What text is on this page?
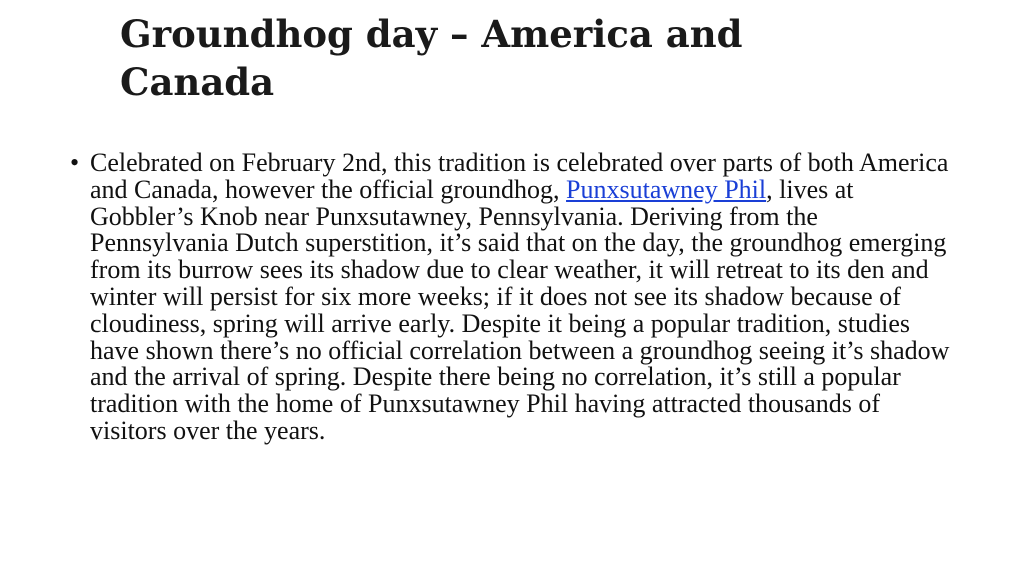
Groundhog day – America and Canada
• Celebrated on February 2nd, this tradition is celebrated over parts of both America and Canada, however the official groundhog, Punxsutawney Phil, lives at Gobbler’s Knob near Punxsutawney, Pennsylvania. Deriving from the Pennsylvania Dutch superstition, it’s said that on the day, the groundhog emerging from its burrow sees its shadow due to clear weather, it will retreat to its den and winter will persist for six more weeks; if it does not see its shadow because of cloudiness, spring will arrive early. Despite it being a popular tradition, studies have shown there’s no official correlation between a groundhog seeing it’s shadow and the arrival of spring. Despite there being no correlation, it’s still a popular tradition with the home of Punxsutawney Phil having attracted thousands of visitors over the years.
